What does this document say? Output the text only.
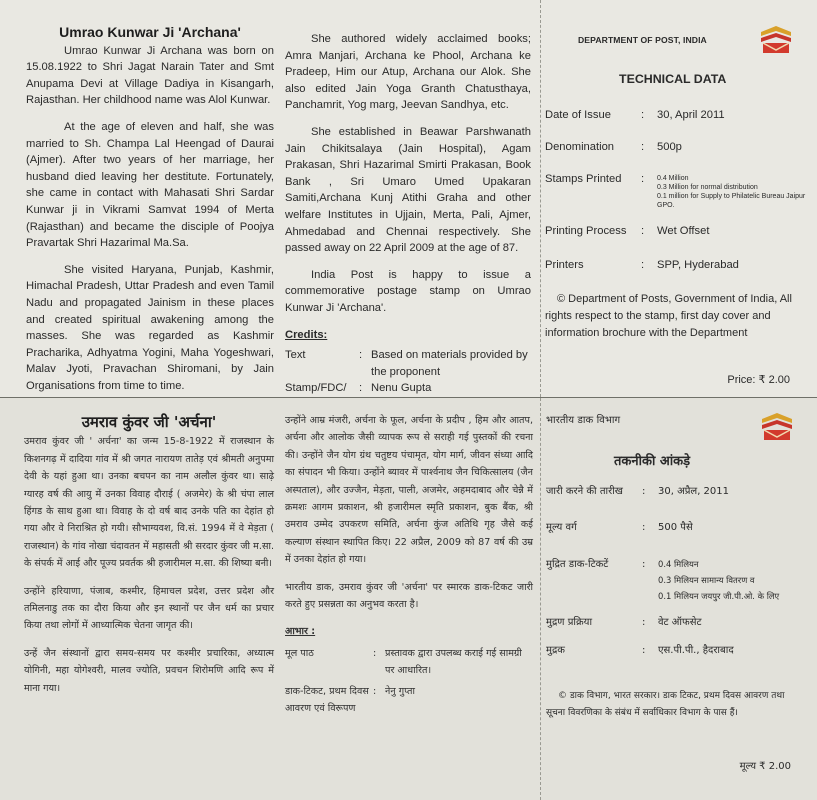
Umrao Kunwar Ji 'Archana'

Umrao Kunwar Ji Archana was born on 15.08.1922 to Shri Jagat Narain Tater and Smt Anupama Devi at Village Dadiya in Kisangarh, Rajasthan. Her childhood name was Alol Kunwar.

At the age of eleven and half, she was married to Sh. Champa Lal Heengad of Daurai (Ajmer). After two years of her marriage, her husband died leaving her destitute. Fortunately, she came in contact with Mahasati Shri Sardar Kunwar ji in Vikrami Samvat 1994 of Merta (Rajasthan) and became the disciple of Poojya Pravartak Shri Hazarimal Ma.Sa.

She visited Haryana, Punjab, Kashmir, Himachal Pradesh, Uttar Pradesh and even Tamil Nadu and propagated Jainism in these places and created spiritual awakening among the masses. She was regarded as Kashmir Pracharika, Adhyatma Yogini, Maha Yogeshwari, Malav Jyoti, Pravachan Shiromani, by Jain Organisations from time to time.

She authored widely acclaimed books; Amra Manjari, Archana ke Phool, Archana ke Pradeep, Him our Atup, Archana our Alok. She also edited Jain Yoga Granth Chatusthaya, Panchamrit, Yog marg, Jeevan Sandhya, etc.

She established in Beawar Parshwanath Jain Chikitsalaya (Jain Hospital), Agam Prakasan, Shri Hazarimal Smirti Prakasan, Book Bank , Sri Umaro Umed Upakaran Samiti,Archana Kunj Atithi Graha and other welfare Institutes in Ujjain, Merta, Pali, Ajmer, Ahmedabad and Chennai respectively. She passed away on 22 April 2009 at the age of 87.

India Post is happy to issue a commemorative postage stamp on Umrao Kunwar Ji 'Archana'.

Credits:
Text	: Based on materials provided by the proponent
Stamp/FDC/	: Nenu Gupta
DEPARTMENT OF POST, INDIA
TECHNICAL DATA
Date of Issue	: 30, April 2011
Denomination : 500p
Stamps Printed : 0.4 Million
0.3 Million for normal distribution
0.1 million for Supply to Philatelic Bureau Jaipur GPO.
Printing Process : Wet Offset
Printers	: SPP, Hyderabad
© Department of Posts, Government of India, All rights respect to the stamp, first day cover and information brochure with the Department
Price: ₹ 2.00
उमराव कुंवर जी 'अर्चना'

उमराव कुंवर जी ' अर्चना' का जन्म 15-8-1922 में राजस्थान के किशनगढ़ में दादिया गांव में श्री जगत नारायण तातेड़ एवं श्रीमती अनुपमा देवी के यहां हुआ था। उनका बचपन का नाम अलौल कुंवर था। साढ़े ग्यारह वर्ष की आयु में उनका विवाह दौराई ( अजमेर) के श्री चंपा लाल हिंगड के साथ हुआ था। विवाह के दो वर्ष बाद उनके पति का देहांत हो गया और वे निराश्रित हो गयी। सौभाग्यवश, वि.सं. 1994 में वे मेड़ता ( राजस्थान) के गांव नोखा चंदावतन में महासती श्री सरदार कुंवर जी म.सा. के संपर्क में आई और पूज्य प्रवर्तक श्री हजारीमल म.सा. की शिष्या बनी।

उन्होंने हरियाणा, पंजाब, कश्मीर, हिमाचल प्रदेश, उत्तर प्रदेश और तमिलनाडु तक का दौरा किया और इन स्थानों पर जैन धर्म का प्रचार किया तथा लोगों में आध्यात्मिक चेतना जागृत की।

उन्हें जैन संस्थानों द्वारा समय-समय पर कश्मीर प्रचारिका, अध्यात्म योगिनी, महा योगेश्वरी, मालव ज्योति, प्रवचन शिरोमणि आदि रूप में माना गया।

उन्होंने आम्र मंजरी, अर्चना के फूल, अर्चना के प्रदीप , हिम और आतप, अर्चना और आलोक जैसी व्यापक रूप से सराही गई पुस्तकों की रचना की। उन्होंने जैन योग ग्रंथ चतुष्टय पंचामृत, योग मार्ग, जीवन संध्या आदि का संपादन भी किया। उन्होंने ब्यावर में पार्श्वनाथ जैन चिकित्सालय (जैन अस्पताल), और उज्जैन, मेड़ता, पाली, अजमेर, अहमदाबाद और चेन्नै में क्रमशः आगम प्रकाशन, श्री हजारीमल स्मृति प्रकाशन, बुक बैंक, श्री उमराव उम्मेद उपकरण समिति, अर्चना कुंज अतिथि गृह जैसे कई कल्याण संस्थान स्थापित किए। 22 अप्रैल, 2009 को 87 वर्ष की उम्र में उनका देहांत हो गया।

भारतीय डाक, उमराव कुंवर जी 'अर्चना' पर स्मारक डाक-टिकट जारी करते हुए प्रसन्नता का अनुभव करता है।

आभार :
मूल पाठ	: प्रस्तावक द्वारा उपलब्ध कराई गई सामग्री पर आधारित।
डाक-टिकट, प्रथम दिवस आवरण एवं विरूपण
: नेनु गुप्ता
भारतीय डाक विभाग
तकनीकी आंकड़े
जारी करने की तारीख : 30, अप्रैल, 2011
मूल्य वर्ग	: 500 पैसे
मुद्रित डाक-टिकटें	: 0.4 मिलियन
0.3 मिलियन सामान्य वितरण व
0.1 मिलियन जयपुर जी.पी.ओ. के लिए
मुद्रण प्रक्रिया	: वेट ऑफसेट
मुद्रक	: एस.पी.पी., हैदराबाद
© डाक विभाग, भारत सरकार। डाक टिकट, प्रथम दिवस आवरण तथा सूचना विवरणिका के संबंध में सर्वाधिकार विभाग के पास हैं।
मूल्य ₹ 2.00
